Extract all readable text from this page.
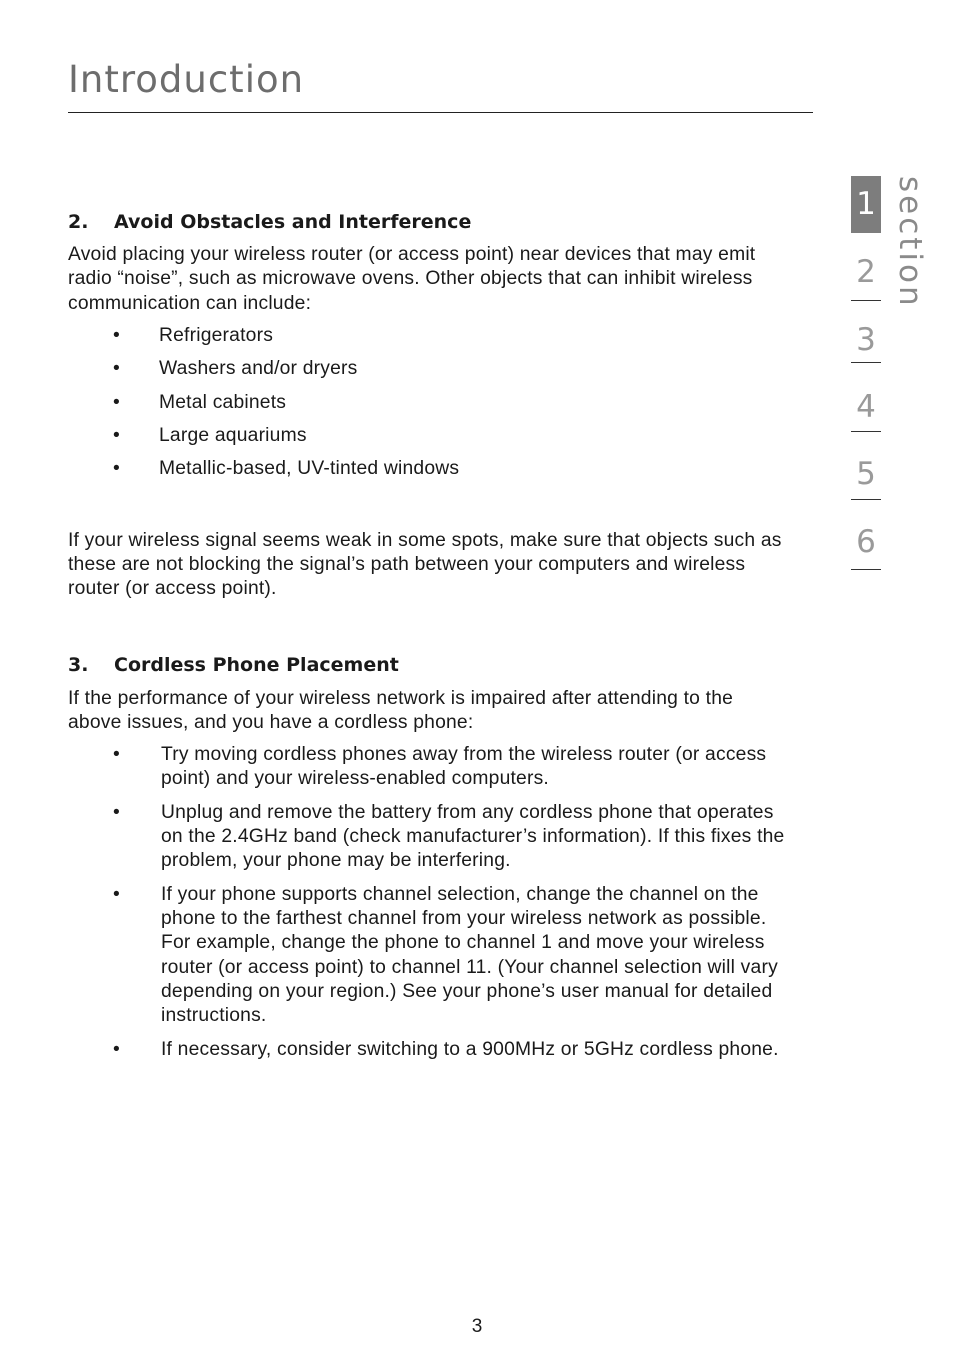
Introduction
2. Avoid Obstacles and Interference

Avoid placing your wireless router (or access point) near devices that may emit radio “noise”, such as microwave ovens. Other objects that can inhibit wireless communication can include:

• Refrigerators
• Washers and/or dryers
• Metal cabinets
• Large aquariums
• Metallic-based, UV-tinted windows

If your wireless signal seems weak in some spots, make sure that objects such as these are not blocking the signal’s path between your computers and wireless router (or access point).

3. Cordless Phone Placement

If the performance of your wireless network is impaired after attending to the above issues, and you have a cordless phone:

• Try moving cordless phones away from the wireless router (or access point) and your wireless-enabled computers.
• Unplug and remove the battery from any cordless phone that operates on the 2.4GHz band (check manufacturer’s information). If this fixes the problem, your phone may be interfering.
• If your phone supports channel selection, change the channel on the phone to the farthest channel from your wireless network as possible. For example, change the phone to channel 1 and move your wireless router (or access point) to channel 11. (Your channel selection will vary depending on your region.) See your phone’s user manual for detailed instructions.
• If necessary, consider switching to a 900MHz or 5GHz cordless phone.
section
1
2
3
4
5
6
3
